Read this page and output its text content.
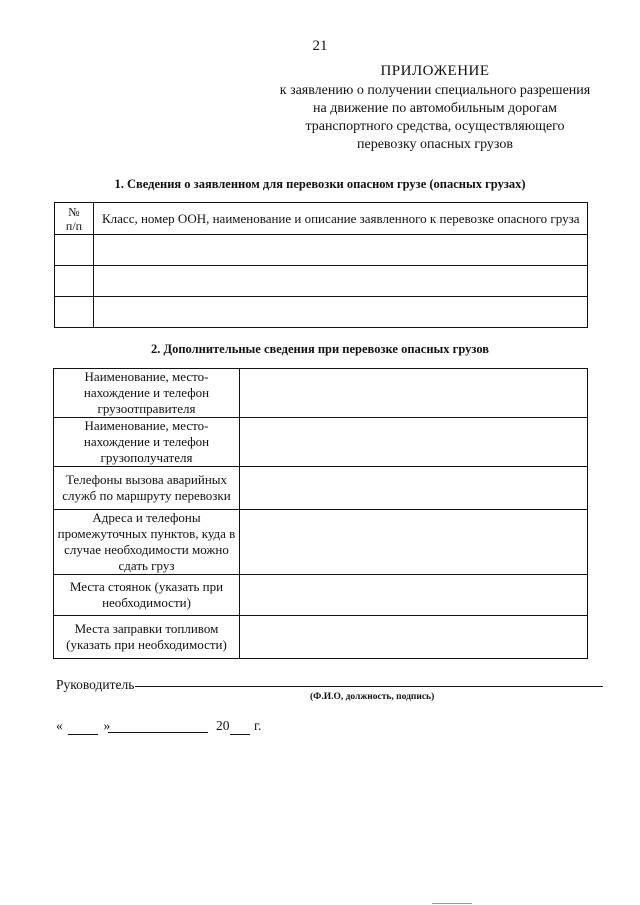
21
ПРИЛОЖЕНИЕ
к заявлению о получении специального разрешения
на движение по автомобильным дорогам
транспортного средства, осуществляющего
перевозку опасных грузов
1. Сведения о заявленном для перевозки опасном грузе (опасных грузах)
№
п/п	Класс, номер ООН, наименование и описание заявленного к перевозке опасного груза

2. Дополнительные сведения при перевозке опасных грузов
Наименование, место-нахождение и телефон грузоотправителя	
Наименование, место-нахождение и телефон грузополучателя	
Телефоны вызова аварийных служб по маршруту перевозки	
Адреса и телефоны промежуточных пунктов, куда в случае необходимости можно сдать груз	
Места стоянок (указать при необходимости)	
Места заправки топливом (указать при необходимости)	
Руководитель
(Ф.И.О, должность, подпись)
«	»	20	г.
